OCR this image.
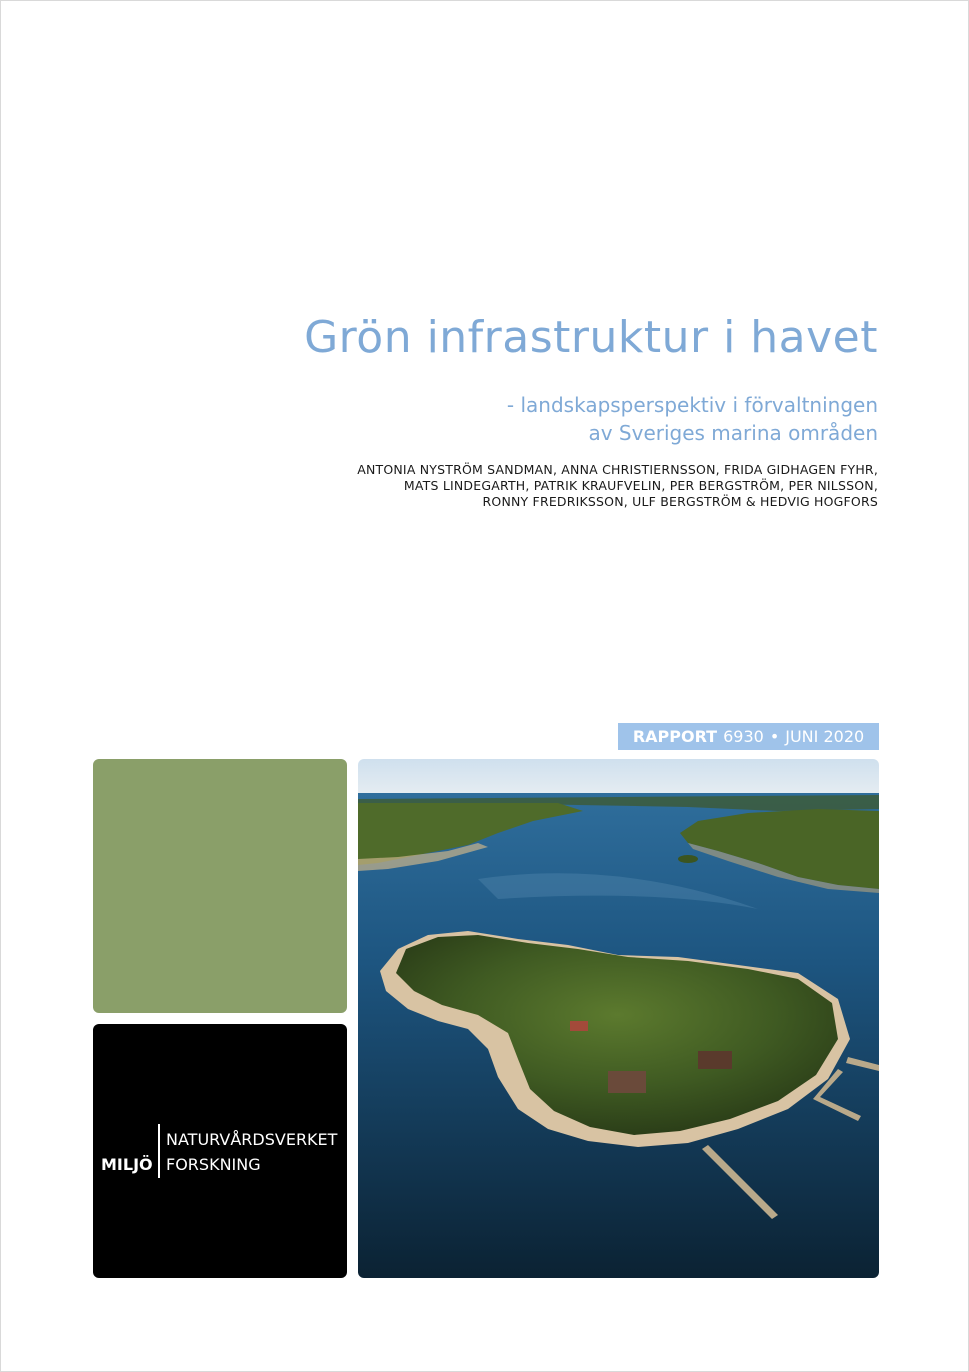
Grön infrastruktur i havet
- landskapsperspektiv i förvaltningen
av Sveriges marina områden
ANTONIA NYSTRÖM SANDMAN, ANNA CHRISTIERNSSON, FRIDA GIDHAGEN FYHR,
MATS LINDEGARTH, PATRIK KRAUFVELIN, PER BERGSTRÖM, PER NILSSON,
RONNY FREDRIKSSON, ULF BERGSTRÖM & HEDVIG HOGFORS
RAPPORT 6930 • JUNI 2020
MILJÖ
NATURVÅRDSVERKET
FORSKNING
